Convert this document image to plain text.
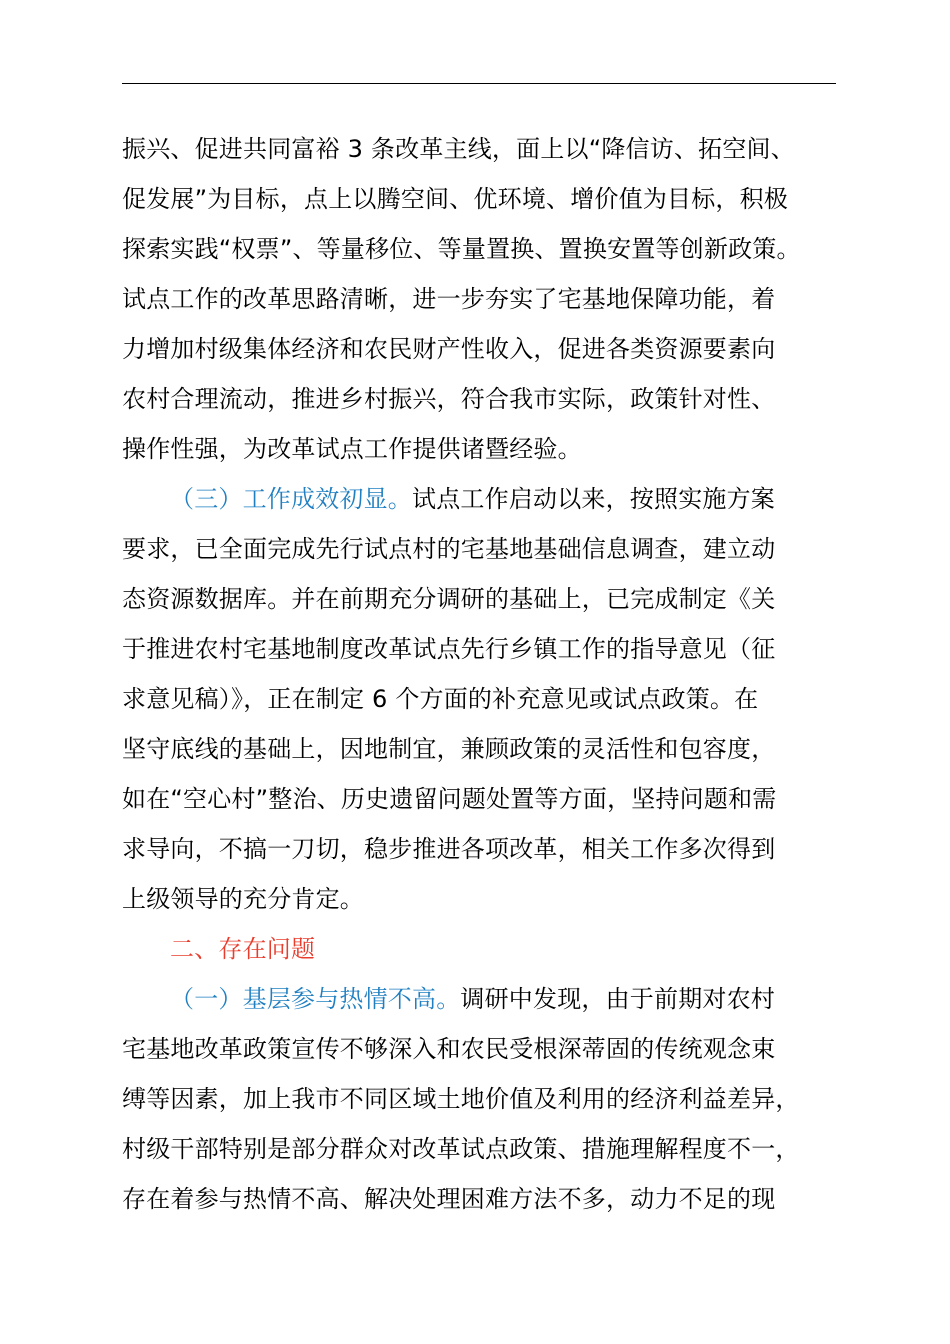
振兴、促进共同富裕 3 条改革主线，面上以“降信访、拓空间、
促发展”为目标，点上以腾空间、优环境、增价值为目标，积极
探索实践“权票”、等量移位、等量置换、置换安置等创新政策。
试点工作的改革思路清晰，进一步夯实了宅基地保障功能，着
力增加村级集体经济和农民财产性收入，促进各类资源要素向
农村合理流动，推进乡村振兴，符合我市实际，政策针对性、
操作性强，为改革试点工作提供诸暨经验。
（三）工作成效初显。试点工作启动以来，按照实施方案
要求，已全面完成先行试点村的宅基地基础信息调查，建立动
态资源数据库。并在前期充分调研的基础上，已完成制定《关
于推进农村宅基地制度改革试点先行乡镇工作的指导意见（征
求意见稿）》，正在制定 6 个方面的补充意见或试点政策。在
坚守底线的基础上，因地制宜，兼顾政策的灵活性和包容度，
如在“空心村”整治、历史遗留问题处置等方面，坚持问题和需
求导向，不搞一刀切，稳步推进各项改革，相关工作多次得到
上级领导的充分肯定。
二、存在问题
（一）基层参与热情不高。调研中发现，由于前期对农村
宅基地改革政策宣传不够深入和农民受根深蒂固的传统观念束
缚等因素，加上我市不同区域土地价值及利用的经济利益差异，
村级干部特别是部分群众对改革试点政策、措施理解程度不一，
存在着参与热情不高、解决处理困难方法不多，动力不足的现
